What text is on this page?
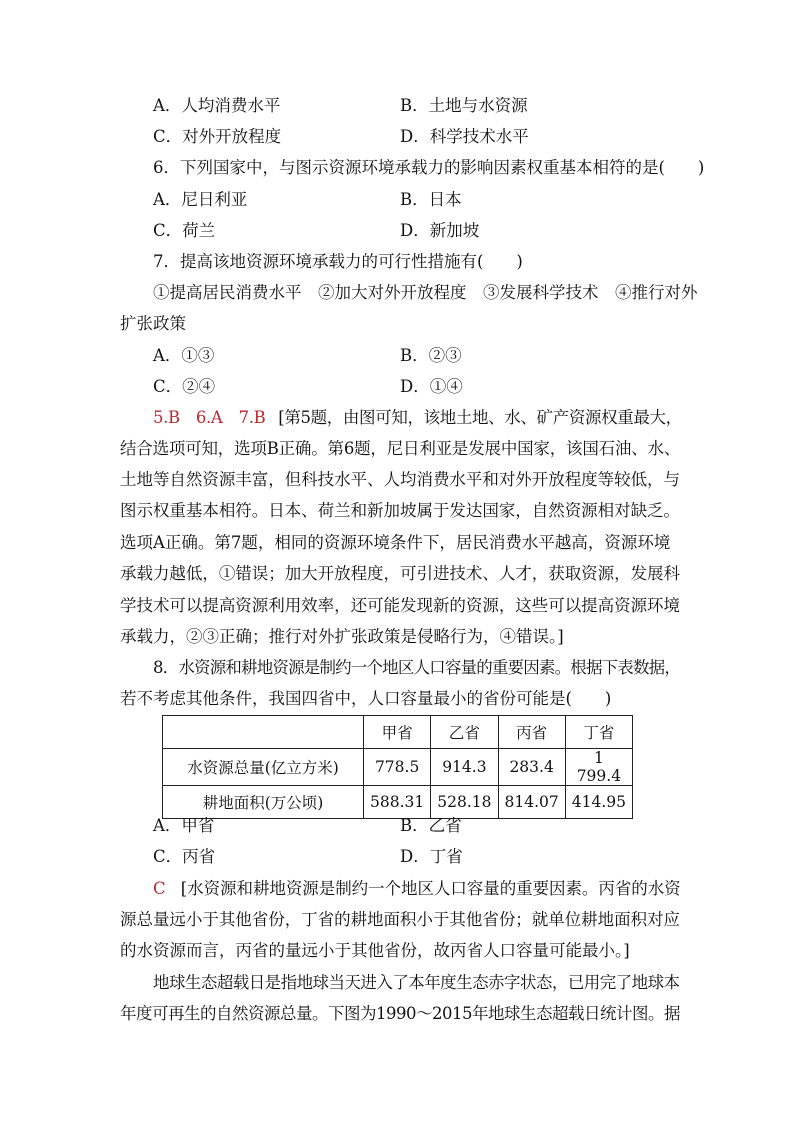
A．人均消费水平	B．土地与水资源
C．对外开放程度	D．科学技术水平
6．下列国家中，与图示资源环境承载力的影响因素权重基本相符的是(　　)
A．尼日利亚	B．日本
C．荷兰	D．新加坡
7．提高该地资源环境承载力的可行性措施有(　　)
①提高居民消费水平　②加大对外开放程度　③发展科学技术　④推行对外
扩张政策
A．①③	B．②③
C．②④	D．①④
5.B　6.A　7.B [第5题，由图可知，该地土地、水、矿产资源权重最大，
结合选项可知，选项B正确。第6题，尼日利亚是发展中国家，该国石油、水、
土地等自然资源丰富，但科技水平、人均消费水平和对外开放程度等较低，与
图示权重基本相符。日本、荷兰和新加坡属于发达国家，自然资源相对缺乏。
选项A正确。第7题，相同的资源环境条件下，居民消费水平越高，资源环境
承载力越低，①错误；加大开放程度，可引进技术、人才，获取资源，发展科
学技术可以提高资源利用效率，还可能发现新的资源，这些可以提高资源环境
承载力，②③正确；推行对外扩张政策是侵略行为，④错误。]
8．水资源和耕地资源是制约一个地区人口容量的重要因素。根据下表数据，
若不考虑其他条件，我国四省中，人口容量最小的省份可能是(　　)
	甲省	乙省	丙省	丁省
水资源总量(亿立方米)	778.5	914.3	283.4	1 799.4
耕地面积(万公顷)	588.31	528.18	814.07	414.95
A．甲省	B．乙省
C．丙省	D．丁省
C [水资源和耕地资源是制约一个地区人口容量的重要因素。丙省的水资
源总量远小于其他省份，丁省的耕地面积小于其他省份；就单位耕地面积对应
的水资源而言，丙省的量远小于其他省份，故丙省人口容量可能最小。]
地球生态超载日是指地球当天进入了本年度生态赤字状态，已用完了地球本
年度可再生的自然资源总量。下图为1990～2015年地球生态超载日统计图。据
